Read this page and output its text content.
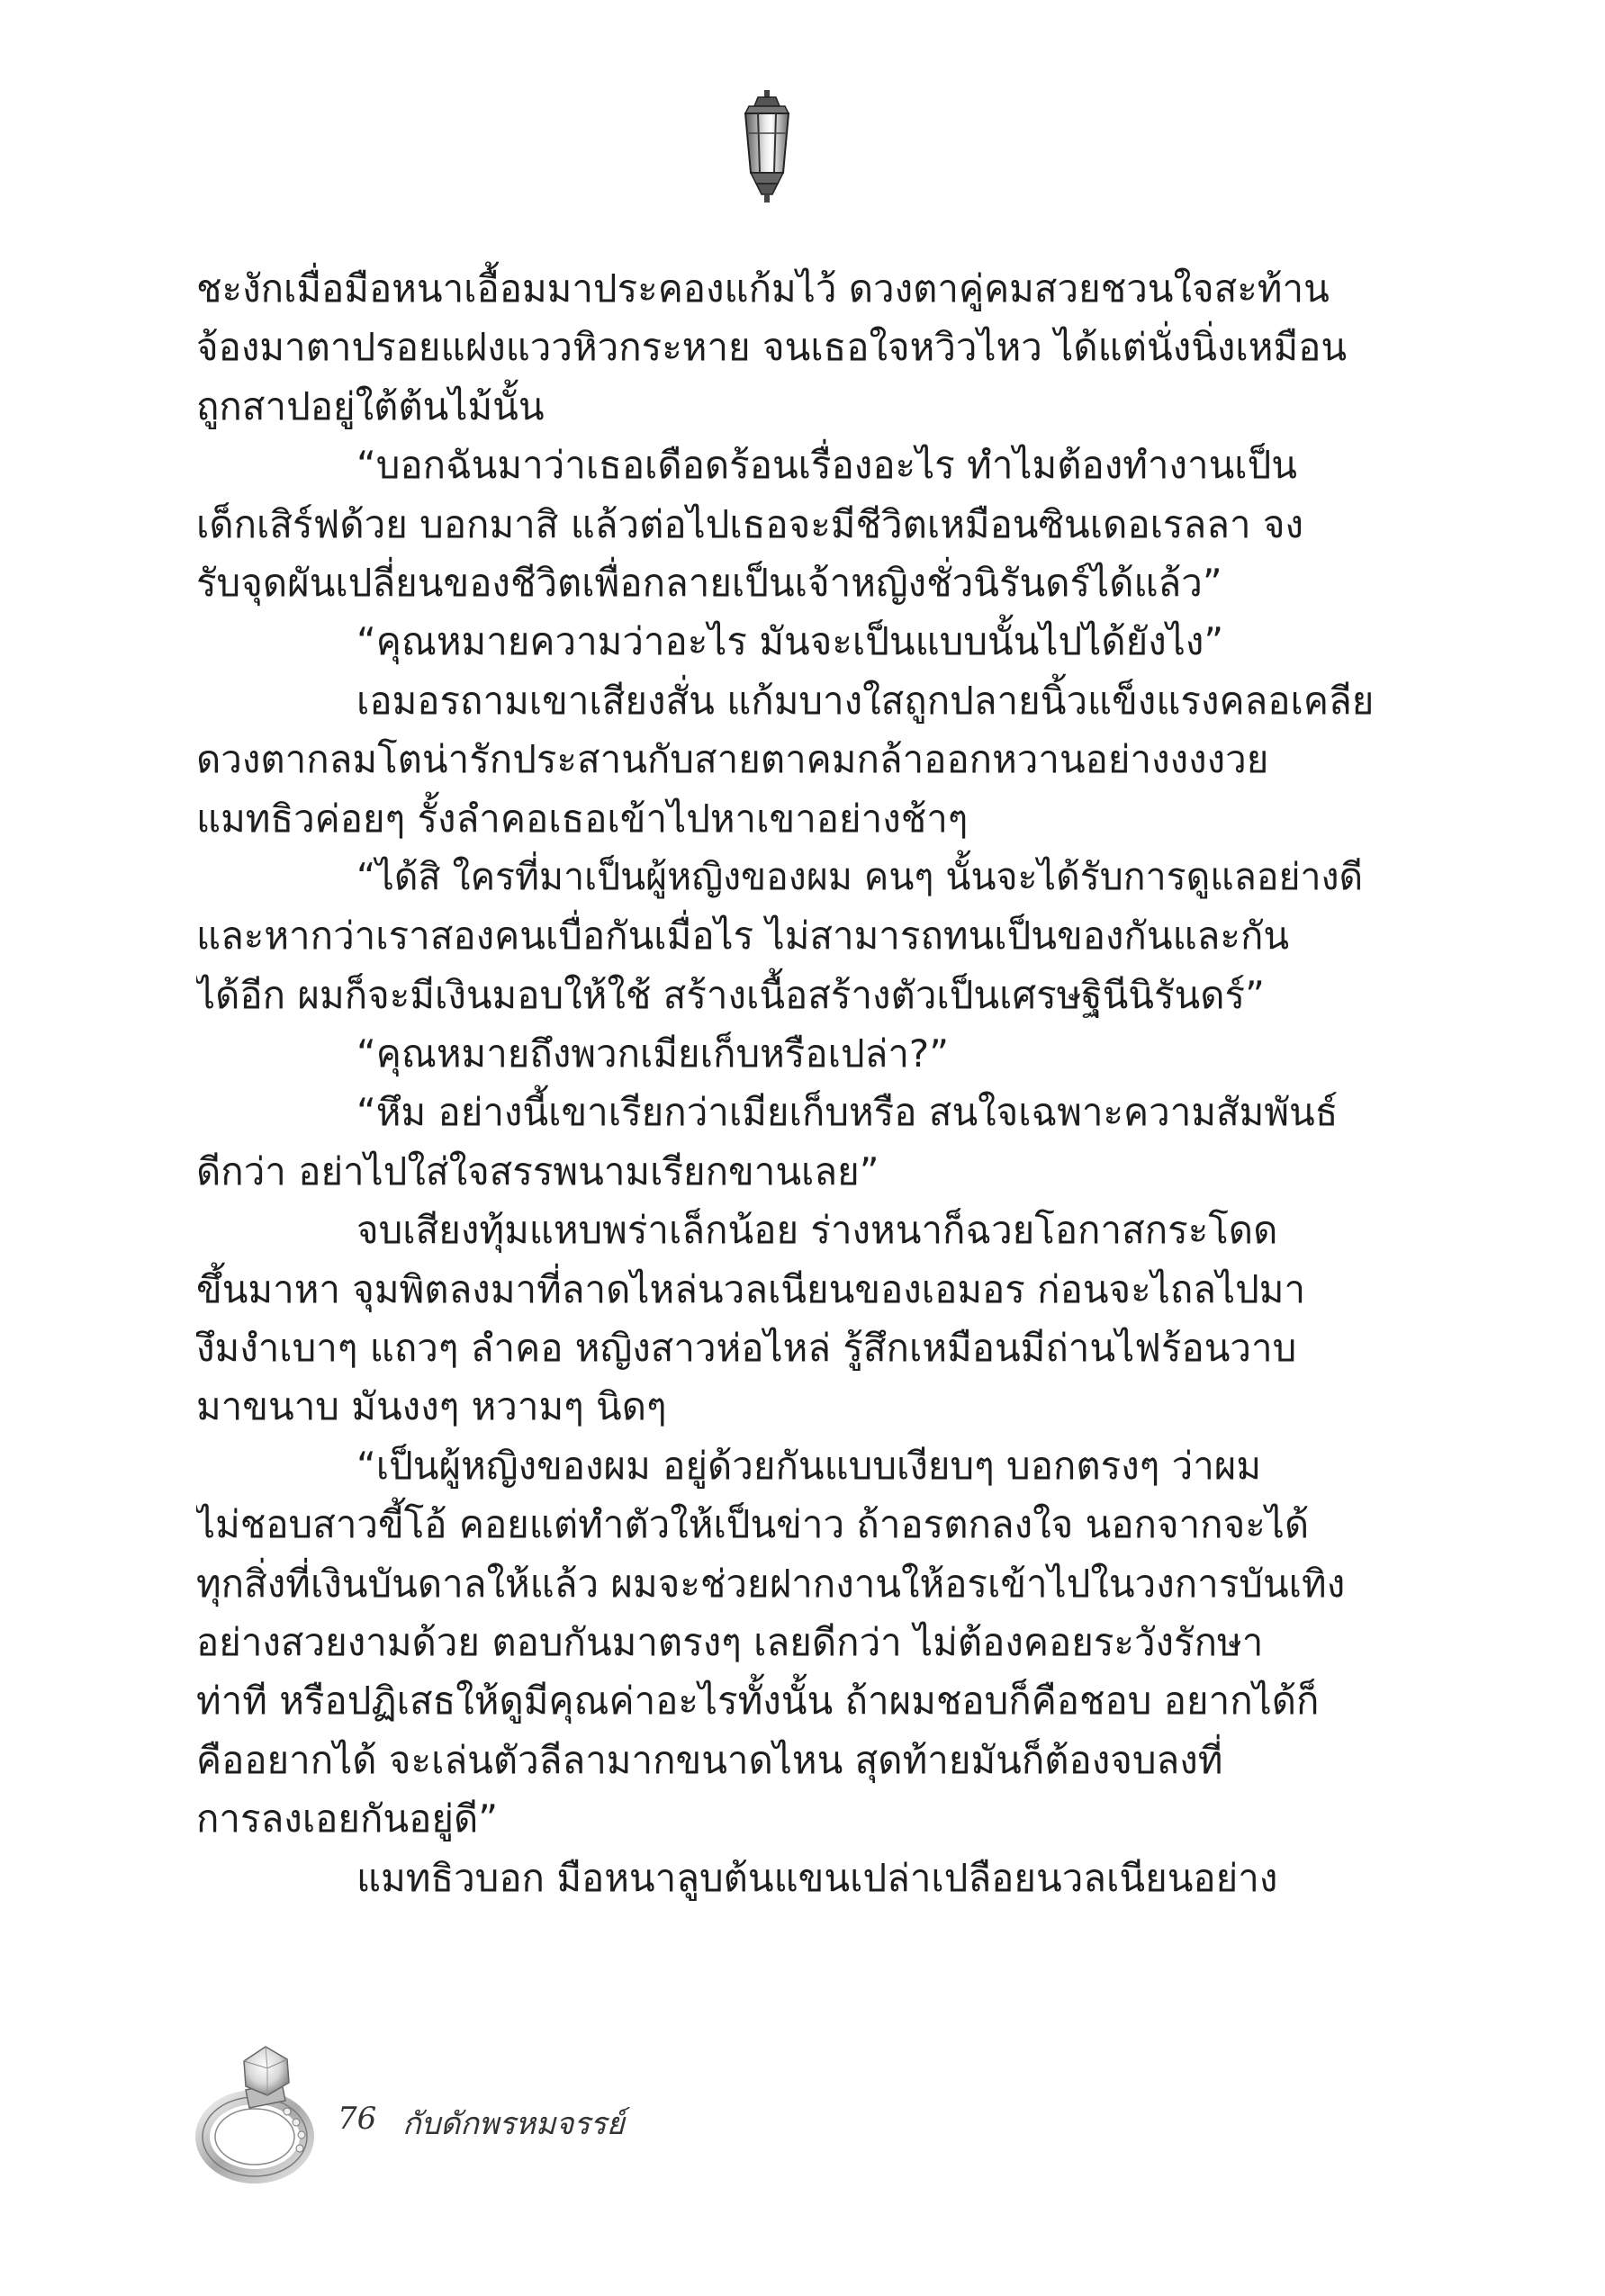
ชะงักเมื่อมือหนาเอื้อมมาประคองแก้มไว้ ดวงตาคู่คมสวยชวนใจสะท้าน
จ้องมาตาปรอยแฝงแววหิวกระหาย จนเธอใจหวิวไหว ได้แต่นั่งนิ่งเหมือน
ถูกสาปอยู่ใต้ต้นไม้นั้น
“บอกฉันมาว่าเธอเดือดร้อนเรื่องอะไร ทำไมต้องทำงานเป็น
เด็กเสิร์ฟด้วย บอกมาสิ แล้วต่อไปเธอจะมีชีวิตเหมือนซินเดอเรลลา จง
รับจุดผันเปลี่ยนของชีวิตเพื่อกลายเป็นเจ้าหญิงชั่วนิรันดร์ได้แล้ว”
“คุณหมายความว่าอะไร มันจะเป็นแบบนั้นไปได้ยังไง”
เอมอรถามเขาเสียงสั่น แก้มบางใสถูกปลายนิ้วแข็งแรงคลอเคลีย
ดวงตากลมโตน่ารักประสานกับสายตาคมกล้าออกหวานอย่างงงงวย
แมทธิวค่อยๆ รั้งลำคอเธอเข้าไปหาเขาอย่างช้าๆ
“ได้สิ ใครที่มาเป็นผู้หญิงของผม คนๆ นั้นจะได้รับการดูแลอย่างดี
และหากว่าเราสองคนเบื่อกันเมื่อไร ไม่สามารถทนเป็นของกันและกัน
ได้อีก ผมก็จะมีเงินมอบให้ใช้ สร้างเนื้อสร้างตัวเป็นเศรษฐินีนิรันดร์”
“คุณหมายถึงพวกเมียเก็บหรือเปล่า?”
“หึม อย่างนี้เขาเรียกว่าเมียเก็บหรือ สนใจเฉพาะความสัมพันธ์
ดีกว่า อย่าไปใส่ใจสรรพนามเรียกขานเลย”
จบเสียงทุ้มแหบพร่าเล็กน้อย ร่างหนาก็ฉวยโอกาสกระโดด
ขึ้นมาหา จุมพิตลงมาที่ลาดไหล่นวลเนียนของเอมอร ก่อนจะไถลไปมา
งึมงำเบาๆ แถวๆ ลำคอ หญิงสาวห่อไหล่ รู้สึกเหมือนมีถ่านไฟร้อนวาบ
มาขนาบ มันงงๆ หวามๆ นิดๆ
“เป็นผู้หญิงของผม อยู่ด้วยกันแบบเงียบๆ บอกตรงๆ ว่าผม
ไม่ชอบสาวขี้โอ้ คอยแต่ทำตัวให้เป็นข่าว ถ้าอรตกลงใจ นอกจากจะได้
ทุกสิ่งที่เงินบันดาลให้แล้ว ผมจะช่วยฝากงานให้อรเข้าไปในวงการบันเทิง
อย่างสวยงามด้วย ตอบกันมาตรงๆ เลยดีกว่า ไม่ต้องคอยระวังรักษา
ท่าที หรือปฏิเสธให้ดูมีคุณค่าอะไรทั้งนั้น ถ้าผมชอบก็คือชอบ อยากได้ก็
คืออยากได้ จะเล่นตัวลีลามากขนาดไหน สุดท้ายมันก็ต้องจบลงที่
การลงเอยกันอยู่ดี”
แมทธิวบอก มือหนาลูบต้นแขนเปล่าเปลือยนวลเนียนอย่าง
76 กับดักพรหมจรรย์
